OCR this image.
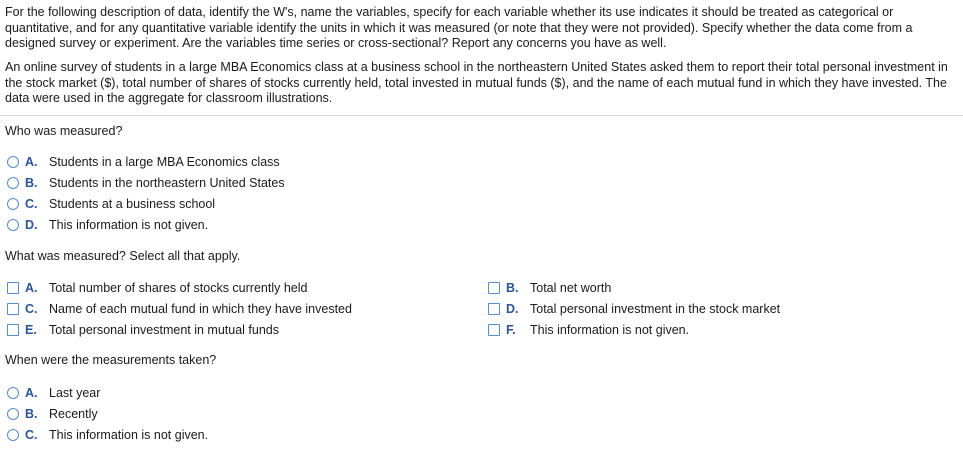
For the following description of data, identify the W's, name the variables, specify for each variable whether its use indicates it should be treated as categorical or quantitative, and for any quantitative variable identify the units in which it was measured (or note that they were not provided). Specify whether the data come from a designed survey or experiment. Are the variables time series or cross-sectional? Report any concerns you have as well.
An online survey of students in a large MBA Economics class at a business school in the northeastern United States asked them to report their total personal investment in the stock market ($), total number of shares of stocks currently held, total invested in mutual funds ($), and the name of each mutual fund in which they have invested. The data were used in the aggregate for classroom illustrations.
Who was measured?
A. Students in a large MBA Economics class
B. Students in the northeastern United States
C. Students at a business school
D. This information is not given.
What was measured? Select all that apply.
A. Total number of shares of stocks currently held	B. Total net worth
C. Name of each mutual fund in which they have invested	D. Total personal investment in the stock market
E. Total personal investment in mutual funds	F.	This information is not given.
When were the measurements taken?
A. Last year
B. Recently
C. This information is not given.
